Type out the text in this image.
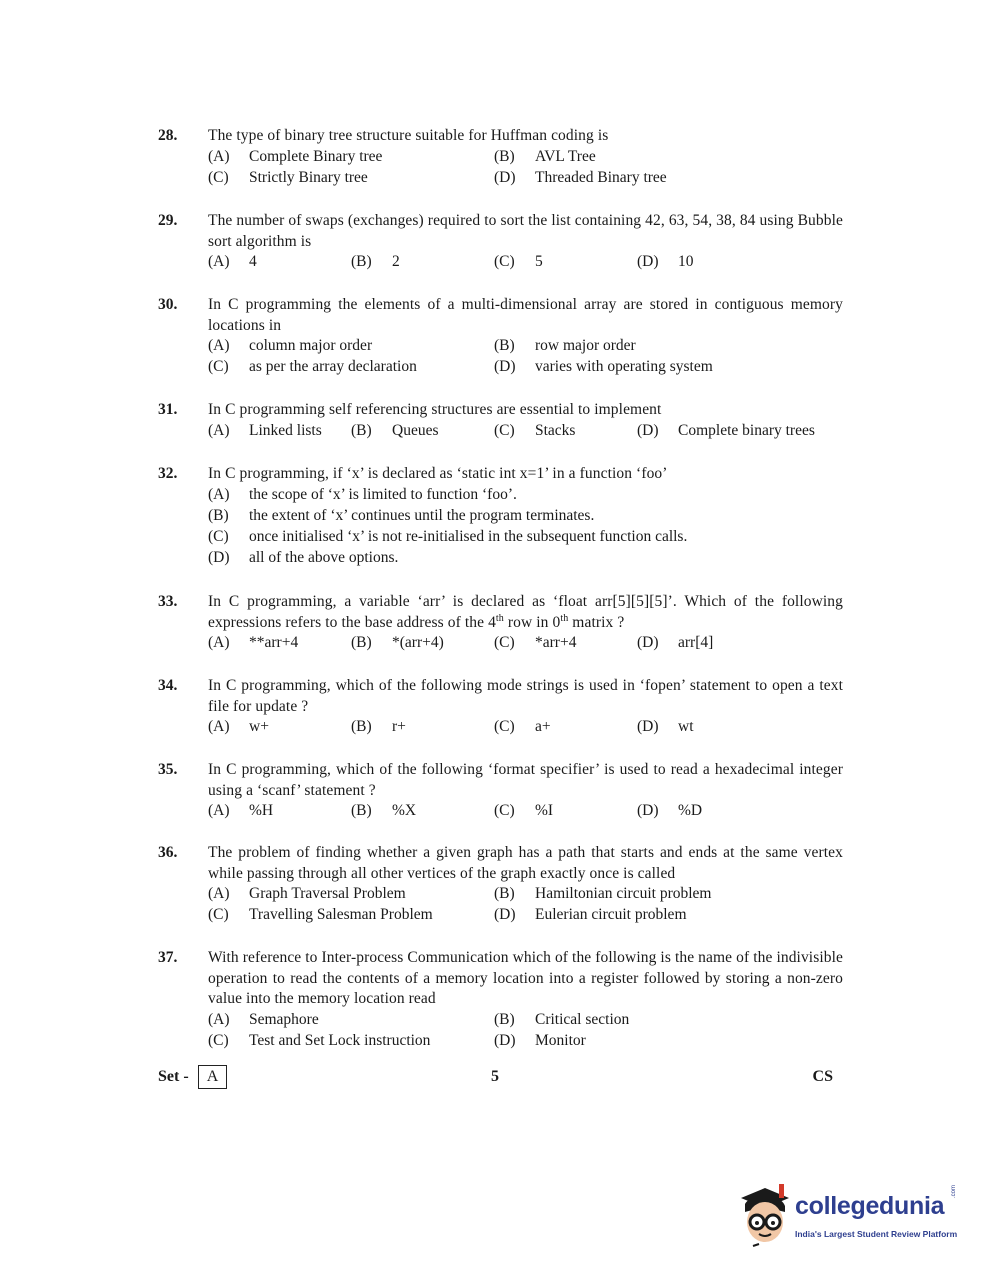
28. The type of binary tree structure suitable for Huffman coding is
(A) Complete Binary tree	(B) AVL Tree
(C) Strictly Binary tree	(D) Threaded Binary tree
29. The number of swaps (exchanges) required to sort the list containing 42, 63, 54, 38, 84 using Bubble sort algorithm is
(A) 4	(B) 2	(C) 5	(D) 10
30. In C programming the elements of a multi-dimensional array are stored in contiguous memory locations in
(A) column major order	(B) row major order
(C) as per the array declaration	(D) varies with operating system
31. In C programming self referencing structures are essential to implement
(A) Linked lists (B) Queues	(C) Stacks	(D) Complete binary trees
32. In C programming, if ‘x’ is declared as ‘static int x=1’ in a function ‘foo’
(A) the scope of ‘x’ is limited to function ‘foo’.
(B) the extent of ‘x’ continues until the program terminates.
(C) once initialised ‘x’ is not re-initialised in the subsequent function calls.
(D) all of the above options.
33. In C programming, a variable ‘arr’ is declared as ‘float arr[5][5][5]’. Which of the following expressions refers to the base address of the 4th row in 0th matrix ?
(A) **arr+4	(B) *(arr+4)	(C) *arr+4	(D) arr[4]
34. In C programming, which of the following mode strings is used in ‘fopen’ statement to open a text file for update ?
(A) w+	(B) r+	(C) a+	(D) wt
35. In C programming, which of the following ‘format specifier’ is used to read a hexadecimal integer using a ‘scanf’ statement ?
(A) %H	(B) %X	(C) %I	(D) %D
36. The problem of finding whether a given graph has a path that starts and ends at the same vertex while passing through all other vertices of the graph exactly once is called
(A) Graph Traversal Problem	(B) Hamiltonian circuit problem
(C) Travelling Salesman Problem	(D) Eulerian circuit problem
37. With reference to Inter-process Communication which of the following is the name of the indivisible operation to read the contents of a memory location into a register followed by storing a non-zero value into the memory location read
(A) Semaphore	(B) Critical section
(C) Test and Set Lock instruction	(D) Monitor
Set -	A	5	CS
collegedunia
.com
India's Largest Student Review Platform
